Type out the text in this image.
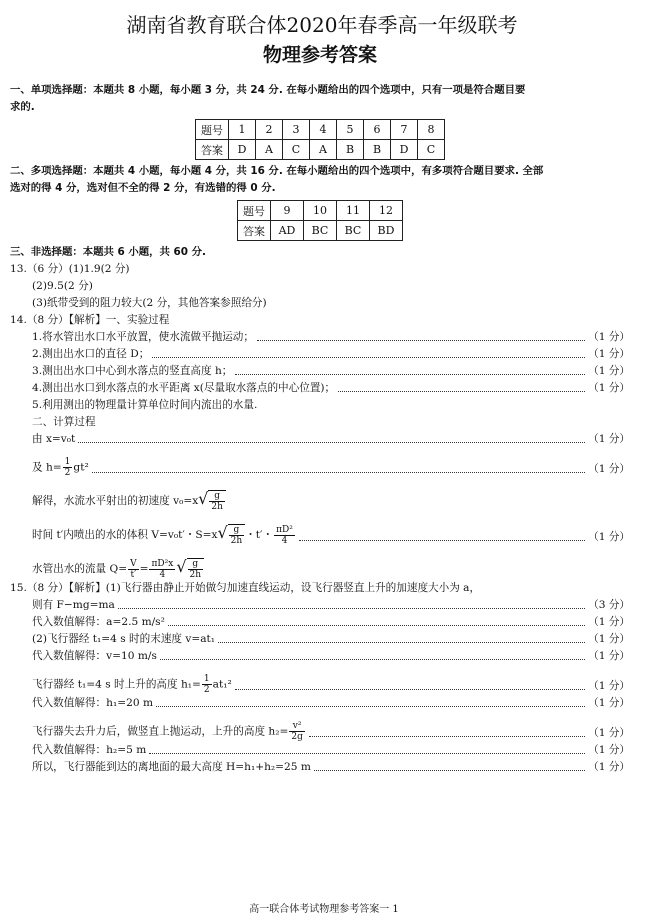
湖南省教育联合体2020年春季高一年级联考
物理参考答案
一、单项选择题：本题共 8 小题，每小题 3 分，共 24 分. 在每小题给出的四个选项中，只有一项是符合题目要
求的.
题号	1	2	3	4	5	6	7	8
答案	D	A	C	A	B	B	D	C
二、多项选择题：本题共 4 小题，每小题 4 分，共 16 分. 在每小题给出的四个选项中，有多项符合题目要求. 全部
选对的得 4 分，选对但不全的得 2 分，有选错的得 0 分.
题号	9	10	11	12
答案	AD	BC	BC	BD
三、非选择题：本题共 6 小题，共 60 分.
13.（6 分）(1)1.9(2 分)
(2)9.5(2 分)
(3)纸带受到的阻力较大(2 分，其他答案参照给分)
14.（8 分）【解析】一、实验过程
1.将水管出水口水平放置，使水流做平抛运动；	（1 分）
2.测出出水口的直径 D；	（1 分）
3.测出出水口中心到水落点的竖直高度 h；	（1 分）
4.测出出水口到水落点的水平距离 x(尽量取水落点的中心位置)；	（1 分）
5.利用测出的物理量计算单位时间内流出的水量.
二、计算过程
由 x=v₀t	（1 分）
及 $h= \frac{1}{2} gt^2$	（1 分）
解得，水流水平射出的初速度 $v_0=x√ \frac{g}{2h}$
时间 t′内喷出的水的体积 V=v₀t′・$S=x√ \frac{g}{2h}$ ・t′・ $\frac{\text{πD²}}{4}$	（1 分）
水管出水的流量 $Q= \frac{V}{t'} = \frac{\text{πD²x}}{4}$ √ $\frac{g}{2h}$
15.（8 分）【解析】(1)飞行器由静止开始做匀加速直线运动，设飞行器竖直上升的加速度大小为 a，
则有 F−mg=ma	（3 分）
代入数值解得：a=2.5 m/s²	（1 分）
(2)飞行器经 t₁=4 s 时的末速度 v=at₁	（1 分）
代入数值解得：v=10 m/s	（1 分）
飞行器经 t₁=4 s 时上升的高度 $h_1= \frac{1}{2} at_1^2$	（1 分）
代入数值解得：h₁=20 m	（1 分）
飞行器失去升力后，做竖直上抛运动，上升的高度 $h_2= \frac{\text{v²}}{2g}$	（1 分）
代入数值解得：h₂=5 m	（1 分）
所以，飞行器能到达的离地面的最大高度 H=h₁+h₂=25 m	（1 分）
高一联合体考试物理参考答案一 1
